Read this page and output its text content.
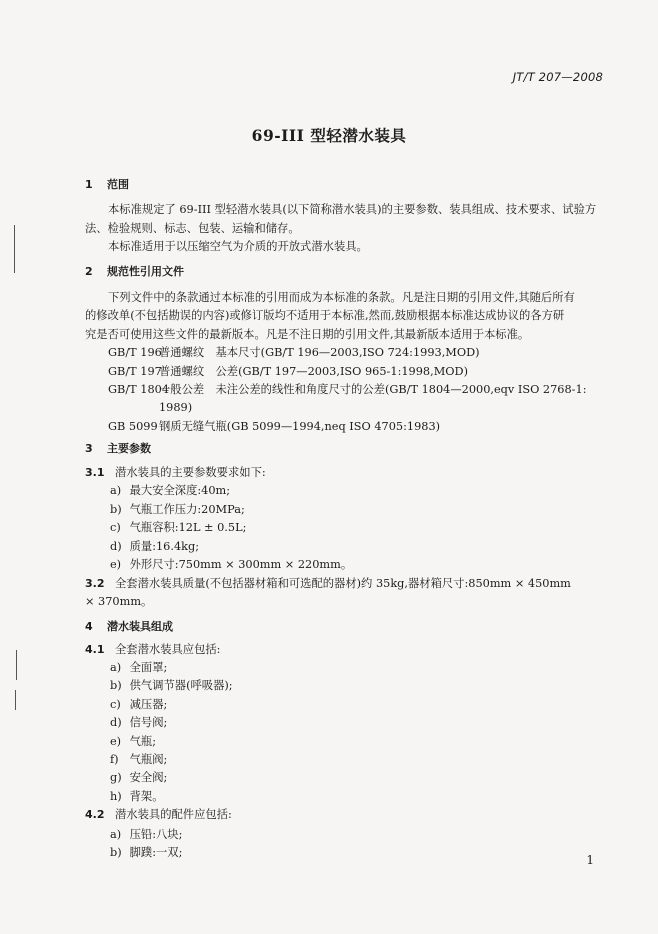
JT/T 207—2008
69-III 型轻潜水装具
1 范围
本标准规定了 69-III 型轻潜水装具(以下简称潜水装具)的主要参数、装具组成、技术要求、试验方
法、检验规则、标志、包装、运输和储存。
本标准适用于以压缩空气为介质的开放式潜水装具。
2 规范性引用文件
下列文件中的条款通过本标准的引用而成为本标准的条款。凡是注日期的引用文件,其随后所有
的修改单(不包括勘误的内容)或修订版均不适用于本标准,然而,鼓励根据本标准达成协议的各方研
究是否可使用这些文件的最新版本。凡是不注日期的引用文件,其最新版本适用于本标准。
GB/T 196普通螺纹　基本尺寸(GB/T 196—2003,ISO 724:1993,MOD)
GB/T 197普通螺纹　公差(GB/T 197—2003,ISO 965-1:1998,MOD)
GB/T 1804一般公差　未注公差的线性和角度尺寸的公差(GB/T 1804—2000,eqv ISO 2768-1:
1989)
GB 5099钢质无缝气瓶(GB 5099—1994,neq ISO 4705:1983)
3 主要参数
3.1 潜水装具的主要参数要求如下:
a) 最大安全深度:40m;
b) 气瓶工作压力:20MPa;
c) 气瓶容积:12L ± 0.5L;
d) 质量:16.4kg;
e) 外形尺寸:750mm × 300mm × 220mm。
3.2 全套潜水装具质量(不包括器材箱和可选配的器材)约 35kg,器材箱尺寸:850mm × 450mm
× 370mm。
4 潜水装具组成
4.1 全套潜水装具应包括:
a) 全面罩;
b) 供气调节器(呼吸器);
c) 减压器;
d) 信号阀;
e) 气瓶;
f) 气瓶阀;
g) 安全阀;
h) 背架。
4.2 潜水装具的配件应包括:
a) 压铅:八块;
b) 脚蹼:一双;
1
